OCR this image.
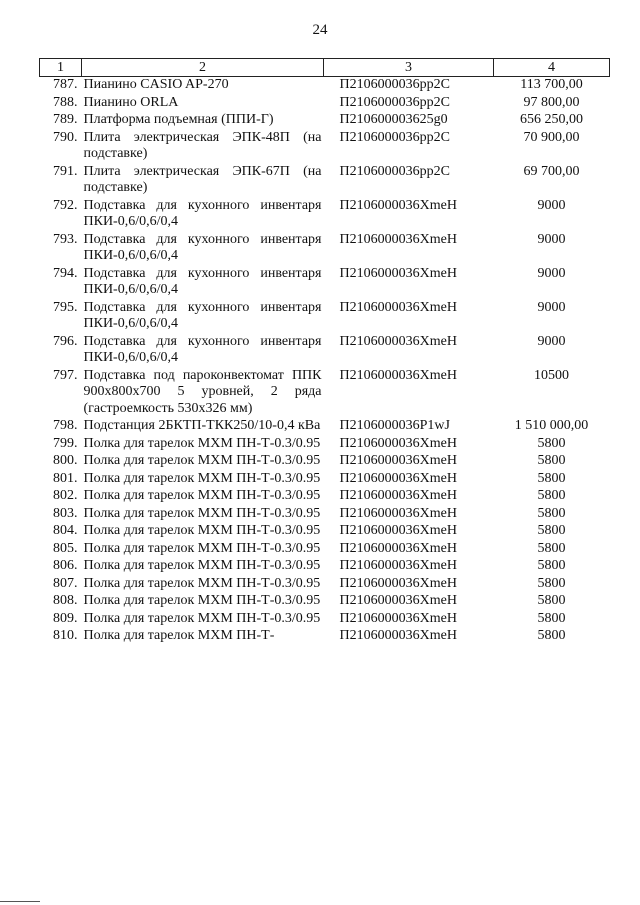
24
1	2	3	4
787.	Пианино CASIO AP-270	П2106000036pp2C	113 700,00
788.	Пианино ORLA	П2106000036pp2C	97 800,00
789.	Платформа подъемная (ППИ-Г)	П210600003625g0	656 250,00
790.	Плита электрическая ЭПК-48П (на подставке)	П2106000036pp2C	70 900,00
791.	Плита электрическая ЭПК-67П (на подставке)	П2106000036pp2C	69 700,00
792.	Подставка для кухонного инвентаря ПКИ-0,6/0,6/0,4	П2106000036XmeH	9000
793.	Подставка для кухонного инвентаря ПКИ-0,6/0,6/0,4	П2106000036XmeH	9000
794.	Подставка для кухонного инвентаря ПКИ-0,6/0,6/0,4	П2106000036XmeH	9000
795.	Подставка для кухонного инвентаря ПКИ-0,6/0,6/0,4	П2106000036XmeH	9000
796.	Подставка для кухонного инвентаря ПКИ-0,6/0,6/0,4	П2106000036XmeH	9000
797.	Подставка под пароконвектомат ППК 900х800х700 5 уровней, 2 ряда (гастроемкость 530х326 мм)	П2106000036XmeH	10500
798.	Подстанция 2БКТП-ТКК250/10-0,4 кВа	П2106000036P1wJ	1 510 000,00
799.	Полка для тарелок МХМ ПН-Т-0.3/0.95	П2106000036XmeH	5800
800.	Полка для тарелок МХМ ПН-Т-0.3/0.95	П2106000036XmeH	5800
801.	Полка для тарелок МХМ ПН-Т-0.3/0.95	П2106000036XmeH	5800
802.	Полка для тарелок МХМ ПН-Т-0.3/0.95	П2106000036XmeH	5800
803.	Полка для тарелок МХМ ПН-Т-0.3/0.95	П2106000036XmeH	5800
804.	Полка для тарелок МХМ ПН-Т-0.3/0.95	П2106000036XmeH	5800
805.	Полка для тарелок МХМ ПН-Т-0.3/0.95	П2106000036XmeH	5800
806.	Полка для тарелок МХМ ПН-Т-0.3/0.95	П2106000036XmeH	5800
807.	Полка для тарелок МХМ ПН-Т-0.3/0.95	П2106000036XmeH	5800
808.	Полка для тарелок МХМ ПН-Т-0.3/0.95	П2106000036XmeH	5800
809.	Полка для тарелок МХМ ПН-Т-0.3/0.95	П2106000036XmeH	5800
810.	Полка для тарелок МХМ ПН-Т-	П2106000036XmeH	5800
